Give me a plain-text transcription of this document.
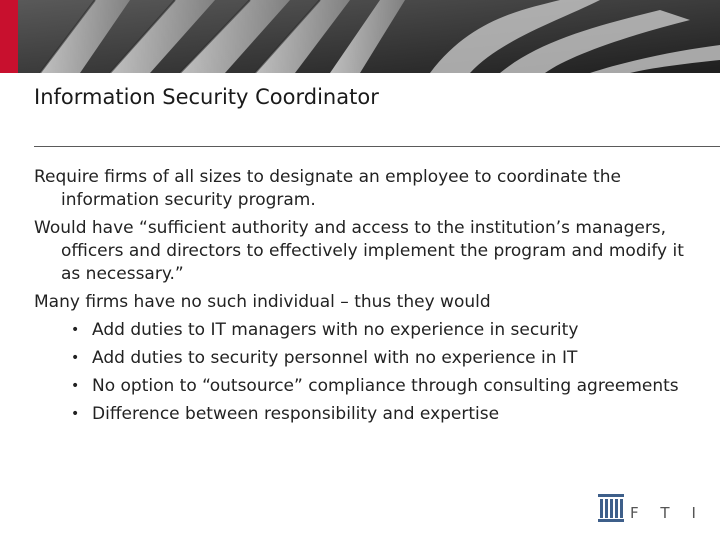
Information Security Coordinator

Require firms of all sizes to designate an employee to coordinate the information security program.

Would have “sufficient authority and access to the institution’s managers, officers and directors to effectively implement the program and modify it as necessary.”

Many firms have no such individual – thus they would

• Add duties to IT managers with no experience in security
• Add duties to security personnel with no experience in IT
• No option to “outsource” compliance through consulting agreements
• Difference between responsibility and expertise
FTI
